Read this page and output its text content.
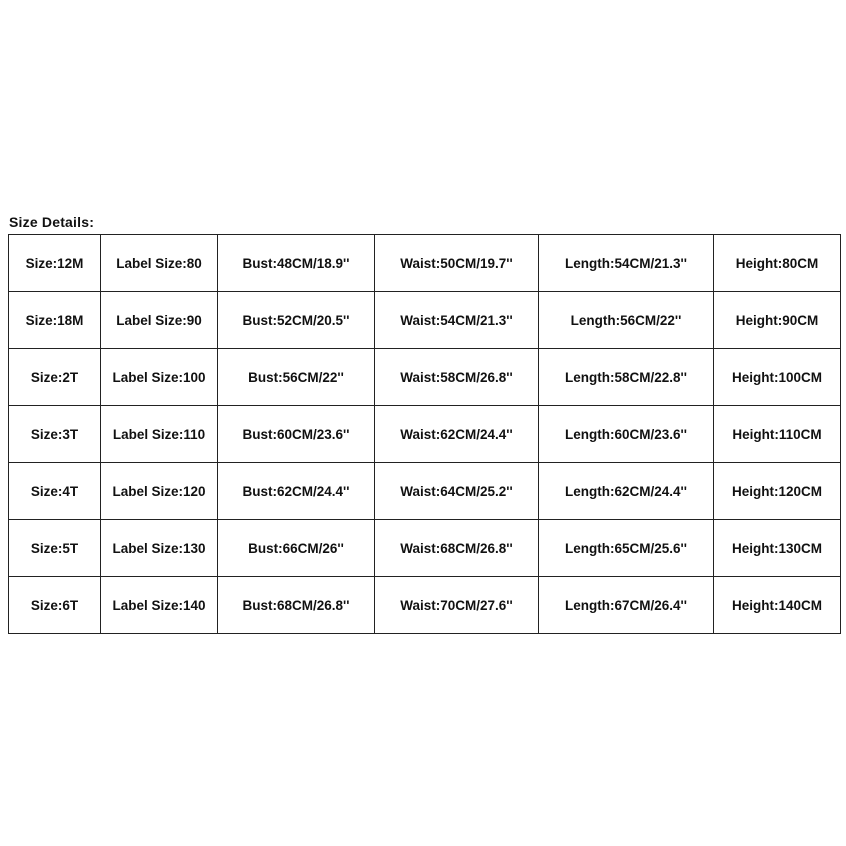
Size Details:
Size:12M	Label Size:80	Bust:48CM/18.9''	Waist:50CM/19.7''	Length:54CM/21.3''	Height:80CM
Size:18M	Label Size:90	Bust:52CM/20.5''	Waist:54CM/21.3''	Length:56CM/22''	Height:90CM
Size:2T	Label Size:100	Bust:56CM/22''	Waist:58CM/26.8''	Length:58CM/22.8''	Height:100CM
Size:3T	Label Size:110	Bust:60CM/23.6''	Waist:62CM/24.4''	Length:60CM/23.6''	Height:110CM
Size:4T	Label Size:120	Bust:62CM/24.4''	Waist:64CM/25.2''	Length:62CM/24.4''	Height:120CM
Size:5T	Label Size:130	Bust:66CM/26''	Waist:68CM/26.8''	Length:65CM/25.6''	Height:130CM
Size:6T	Label Size:140	Bust:68CM/26.8''	Waist:70CM/27.6''	Length:67CM/26.4''	Height:140CM
